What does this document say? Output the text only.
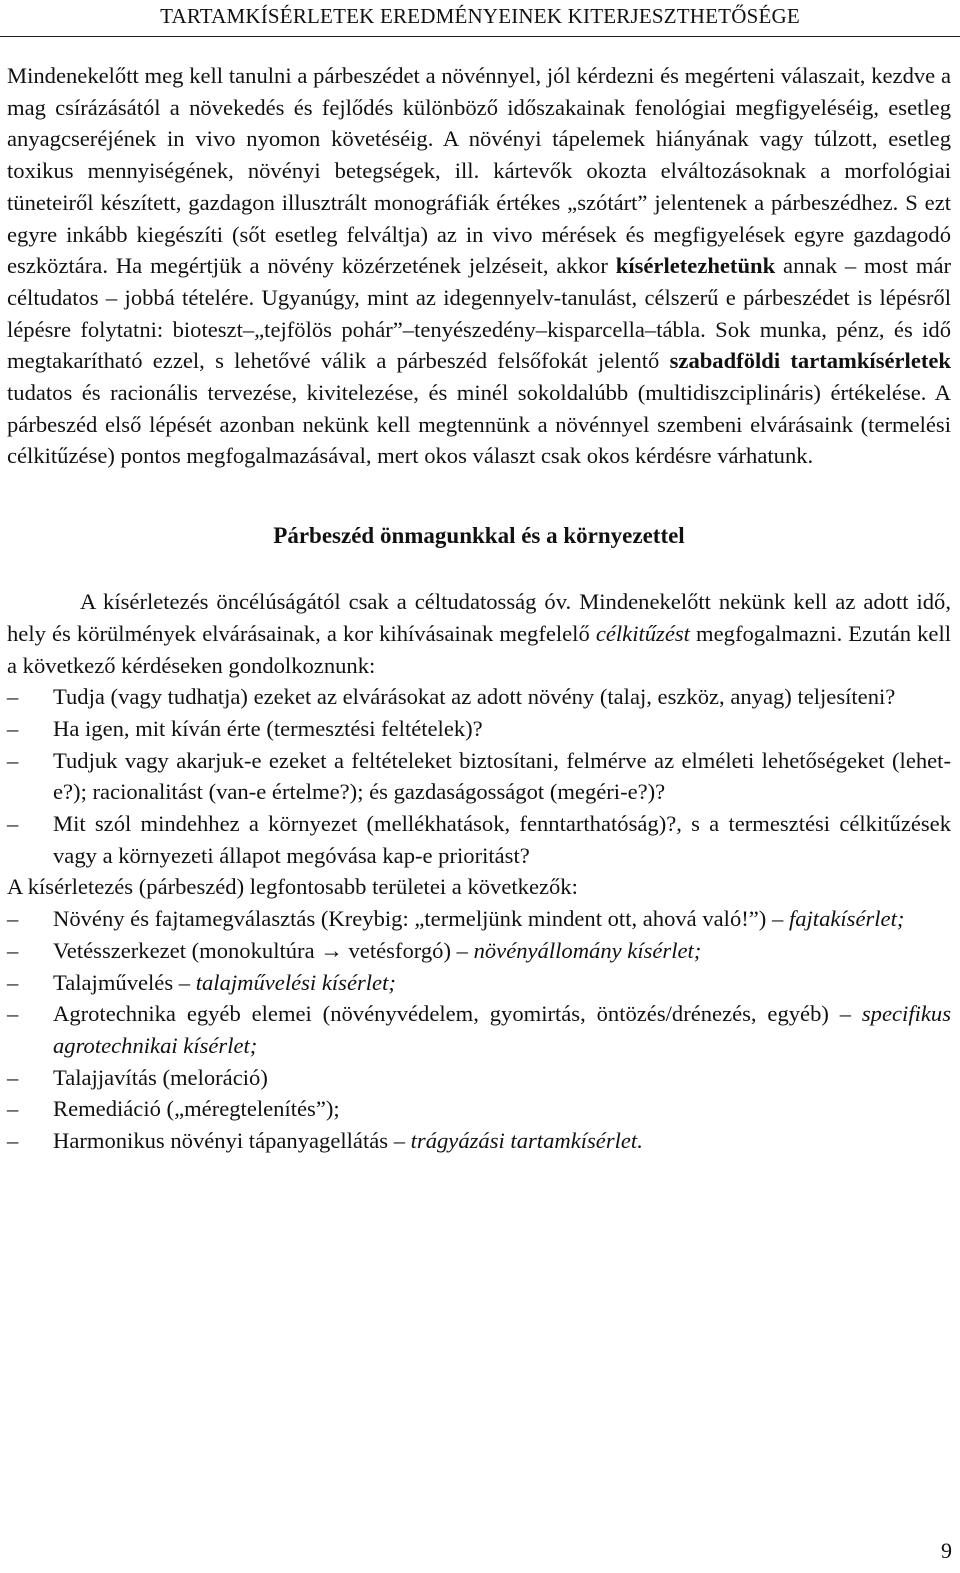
TARTAMKÍSÉRLETEK EREDMÉNYEINEK KITERJESZTHETŐSÉGE

Mindenekelőtt meg kell tanulni a párbeszédet a növénnyel, jól kérdezni és megérteni válaszait, kezdve a mag csírázásától a növekedés és fejlődés különböző időszakainak fenológiai megfigyeléséig, esetleg anyagcseréjének in vivo nyomon követéséig. A növényi tápelemek hiányának vagy túlzott, esetleg toxikus mennyiségének, növényi betegségek, ill. kártevők okozta elváltozásoknak a morfológiai tüneteiről készített, gazdagon illusztrált monográfiák értékes „szótárt” jelentenek a párbeszédhez. S ezt egyre inkább kiegészíti (sőt esetleg felváltja) az in vivo mérések és megfigyelések egyre gazdagodó eszköztára. Ha megértjük a növény közérzetének jelzéseit, akkor kísérletezhetünk annak – most már céltudatos – jobbá tételére. Ugyanúgy, mint az idegennyelv-tanulást, célszerű e párbeszédet is lépésről lépésre folytatni: bioteszt–„tejfölös pohár”–tenyészedény–kisparcella–tábla. Sok munka, pénz, és idő megtakarítható ezzel, s lehetővé válik a párbeszéd felsőfokát jelentő szabadföldi tartamkísérletek tudatos és racionális tervezése, kivitelezése, és minél sokoldalúbb (multidiszciplináris) értékelése. A párbeszéd első lépését azonban nekünk kell megtennünk a növénnyel szembeni elvárásaink (termelési célkitűzése) pontos megfogalmazásával, mert okos választ csak okos kérdésre várhatunk.

Párbeszéd önmagunkkal és a környezettel

A kísérletezés öncélúságától csak a céltudatosság óv. Mindenekelőtt nekünk kell az adott idő, hely és körülmények elvárásainak, a kor kihívásainak megfelelő célkitűzést megfogalmazni. Ezután kell a következő kérdéseken gondolkoznunk:

–	Tudja (vagy tudhatja) ezeket az elvárásokat az adott növény (talaj, eszköz, anyag) teljesíteni?
–	Ha igen, mit kíván érte (termesztési feltételek)?
–	Tudjuk vagy akarjuk-e ezeket a feltételeket biztosítani, felmérve az elméleti lehetőségeket (lehet-e?); racionalitást (van-e értelme?); és gazdaságosságot (megéri-e?)?
–	Mit szól mindehhez a környezet (mellékhatások, fenntarthatóság)?, s a termesztési célkitűzések vagy a környezeti állapot megóvása kap-e prioritást?

A kísérletezés (párbeszéd) legfontosabb területei a következők:

–	Növény és fajtamegválasztás (Kreybig: „termeljünk mindent ott, ahová való!”) – fajtakísérlet;
–	Vetésszerkezet (monokultúra → vetésforgó) – növényállomány kísérlet;
–	Talajművelés – talajművelési kísérlet;
–	Agrotechnika egyéb elemei (növényvédelem, gyomirtás, öntözés/drénezés, egyéb) – specifikus agrotechnikai kísérlet;
–	Talajjavítás (meloráció)
–	Remediáció („méregtelenítés”);
–	Harmonikus növényi tápanyagellátás – trágyázási tartamkísérlet.
9
